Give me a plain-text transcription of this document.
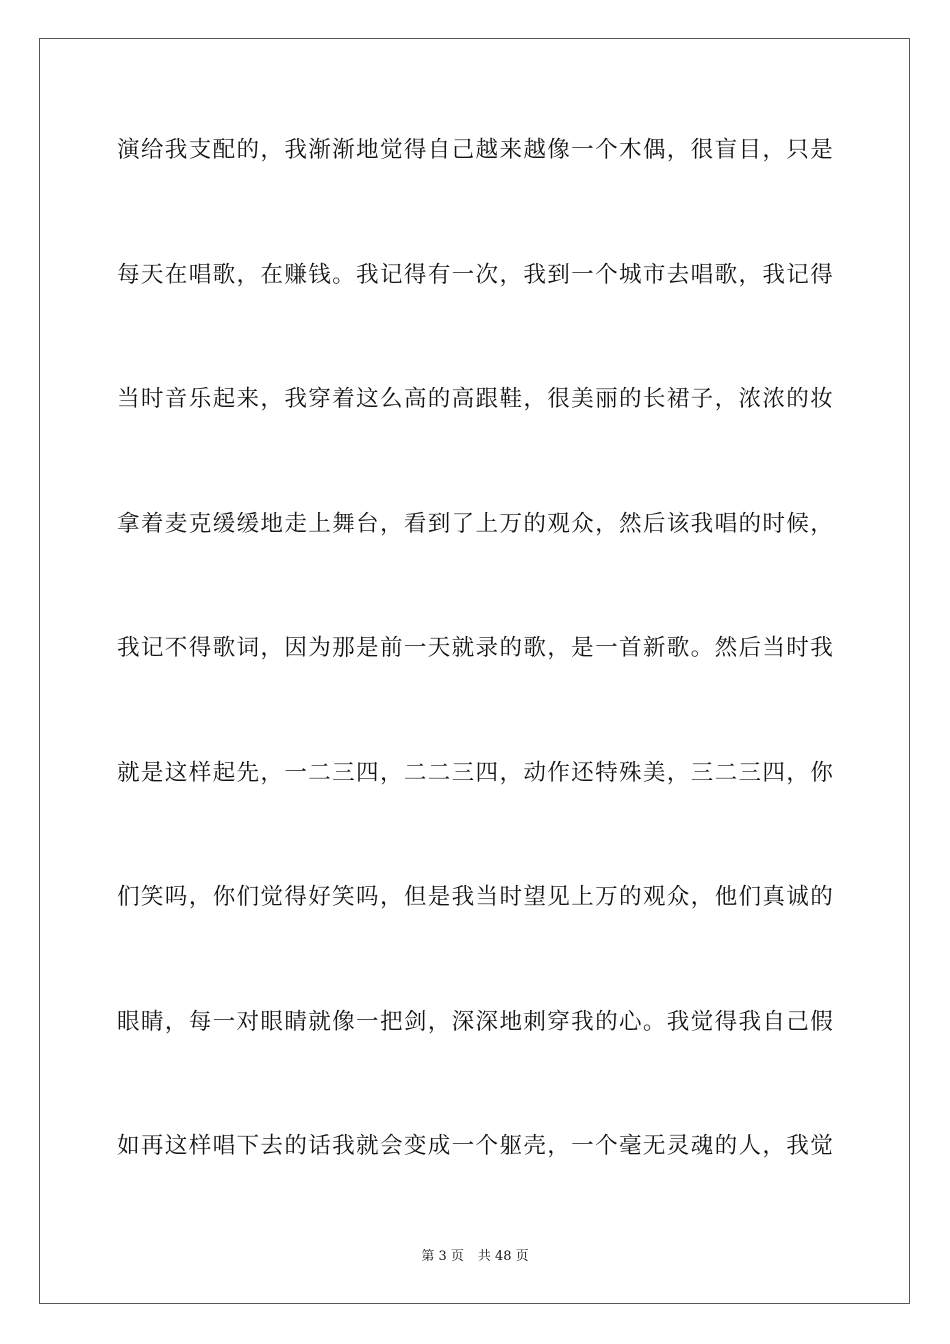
演给我支配的，我渐渐地觉得自己越来越像一个木偶，很盲目，只是
每天在唱歌，在赚钱。我记得有一次，我到一个城市去唱歌，我记得
当时音乐起来，我穿着这么高的高跟鞋，很美丽的长裙子，浓浓的妆
拿着麦克缓缓地走上舞台，看到了上万的观众，然后该我唱的时候，
我记不得歌词，因为那是前一天就录的歌，是一首新歌。然后当时我
就是这样起先，一二三四，二二三四，动作还特殊美，三二三四，你
们笑吗，你们觉得好笑吗，但是我当时望见上万的观众，他们真诚的
眼睛，每一对眼睛就像一把剑，深深地刺穿我的心。我觉得我自己假
如再这样唱下去的话我就会变成一个躯壳，一个毫无灵魂的人，我觉
第 3 页 共 48 页
